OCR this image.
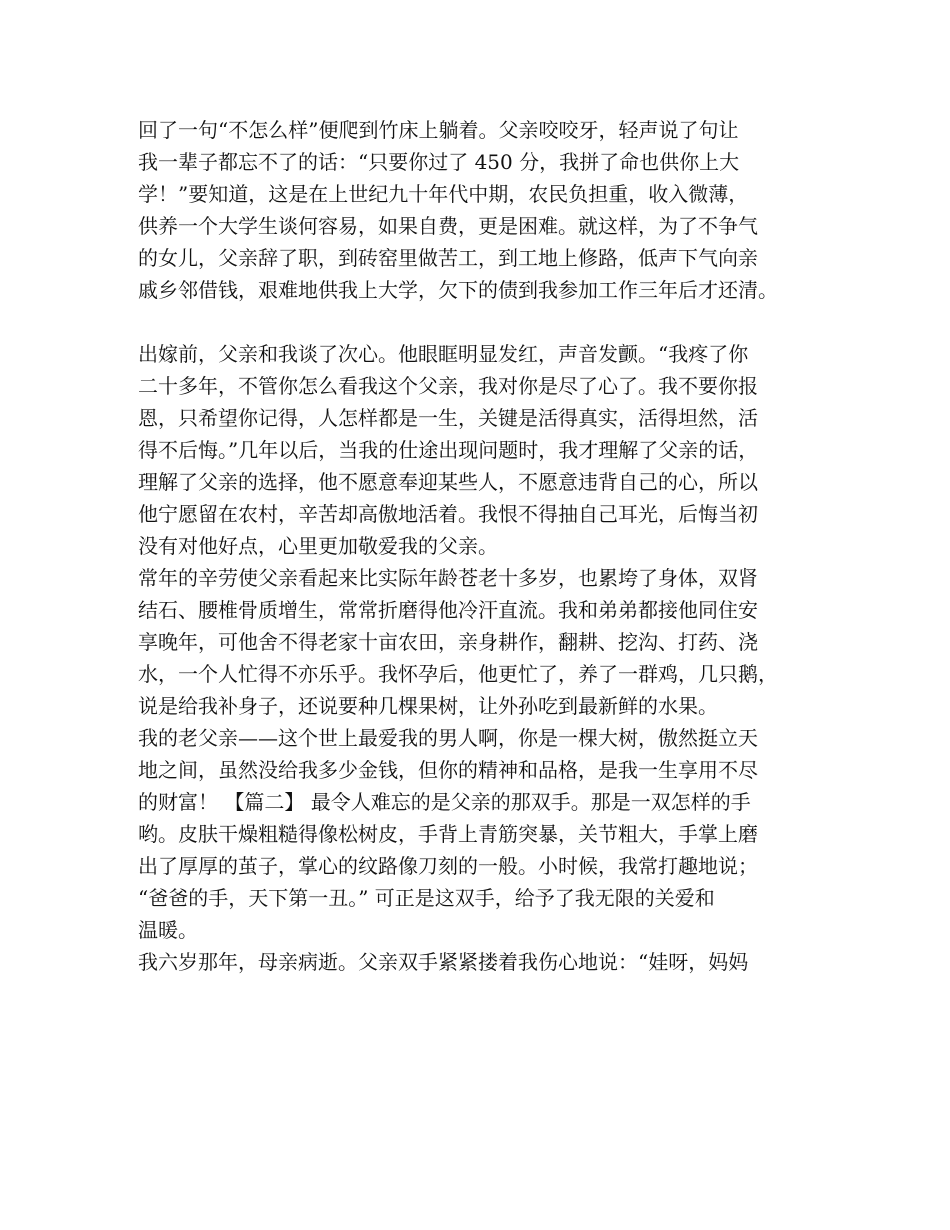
回了一句“不怎么样”便爬到竹床上躺着。父亲咬咬牙，轻声说了句让
我一辈子都忘不了的话：“只要你过了 450 分，我拼了命也供你上大
学！”要知道，这是在上世纪九十年代中期，农民负担重，收入微薄，
供养一个大学生谈何容易，如果自费，更是困难。就这样，为了不争气
的女儿，父亲辞了职，到砖窑里做苦工，到工地上修路，低声下气向亲
戚乡邻借钱，艰难地供我上大学，欠下的债到我参加工作三年后才还清。
出嫁前，父亲和我谈了次心。他眼眶明显发红，声音发颤。“我疼了你
二十多年，不管你怎么看我这个父亲，我对你是尽了心了。我不要你报
恩，只希望你记得，人怎样都是一生，关键是活得真实，活得坦然，活
得不后悔。”几年以后，当我的仕途出现问题时，我才理解了父亲的话，
理解了父亲的选择，他不愿意奉迎某些人，不愿意违背自己的心，所以
他宁愿留在农村，辛苦却高傲地活着。我恨不得抽自己耳光，后悔当初
没有对他好点，心里更加敬爱我的父亲。
常年的辛劳使父亲看起来比实际年龄苍老十多岁，也累垮了身体，双肾
结石、腰椎骨质增生，常常折磨得他冷汗直流。我和弟弟都接他同住安
享晚年，可他舍不得老家十亩农田，亲身耕作，翻耕、挖沟、打药、浇
水，一个人忙得不亦乐乎。我怀孕后，他更忙了，养了一群鸡，几只鹅，
说是给我补身子，还说要种几棵果树，让外孙吃到最新鲜的水果。
我的老父亲——这个世上最爱我的男人啊，你是一棵大树，傲然挺立天
地之间，虽然没给我多少金钱，但你的精神和品格，是我一生享用不尽
的财富！ 【篇二】 最令人难忘的是父亲的那双手。那是一双怎样的手
哟。皮肤干燥粗糙得像松树皮，手背上青筋突暴，关节粗大，手掌上磨
出了厚厚的茧子，掌心的纹路像刀刻的一般。小时候，我常打趣地说；
“爸爸的手，天下第一丑。” 可正是这双手，给予了我无限的关爱和
温暖。
我六岁那年，母亲病逝。父亲双手紧紧搂着我伤心地说：“娃呀，妈妈
